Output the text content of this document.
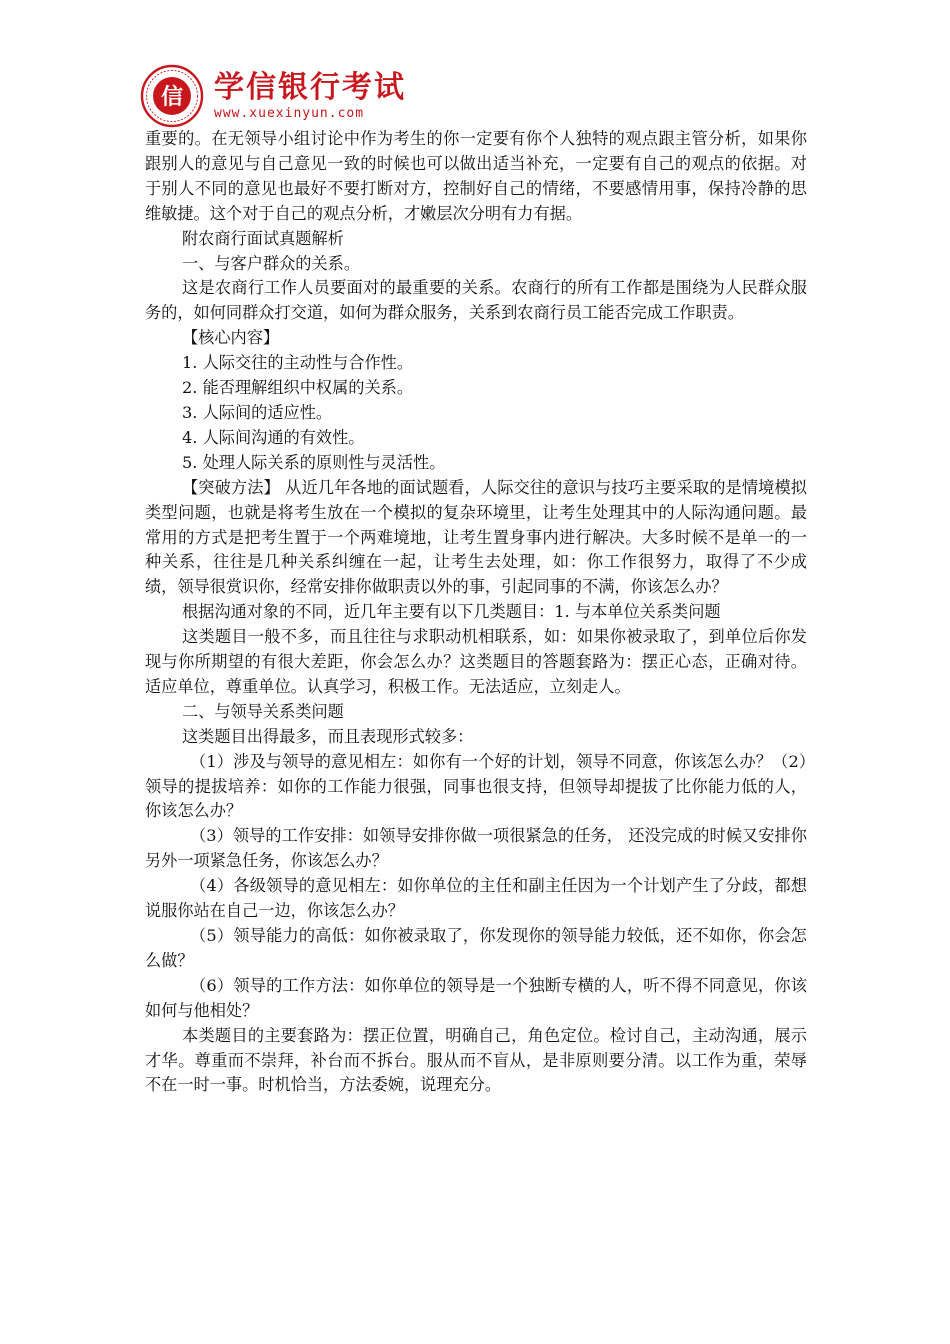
信 学信银行考试
www.xuexinyun.com

重要的。在无领导小组讨论中作为考生的你一定要有你个人独特的观点跟主管分析，如果你跟别人的意见与自己意见一致的时候也可以做出适当补充，一定要有自己的观点的依据。对于别人不同的意见也最好不要打断对方，控制好自己的情绪，不要感情用事，保持冷静的思维敏捷。这个对于自己的观点分析，才嫩层次分明有力有据。

附农商行面试真题解析

一、与客户群众的关系。

这是农商行工作人员要面对的最重要的关系。农商行的所有工作都是围绕为人民群众服务的，如何同群众打交道，如何为群众服务，关系到农商行员工能否完成工作职责。

【核心内容】

1. 人际交往的主动性与合作性。

2. 能否理解组织中权属的关系。

3. 人际间的适应性。

4. 人际间沟通的有效性。

5. 处理人际关系的原则性与灵活性。

【突破方法】 从近几年各地的面试题看，人际交往的意识与技巧主要采取的是情境模拟类型问题，也就是将考生放在一个模拟的复杂环境里，让考生处理其中的人际沟通问题。最常用的方式是把考生置于一个两难境地，让考生置身事内进行解决。大多时候不是单一的一种关系，往往是几种关系纠缠在一起，让考生去处理，如：你工作很努力，取得了不少成绩，领导很赏识你，经常安排你做职责以外的事，引起同事的不满，你该怎么办？

根据沟通对象的不同，近几年主要有以下几类题目：1. 与本单位关系类问题

这类题目一般不多，而且往往与求职动机相联系，如：如果你被录取了，到单位后你发现与你所期望的有很大差距，你会怎么办？这类题目的答题套路为：摆正心态，正确对待。适应单位，尊重单位。认真学习，积极工作。无法适应，立刻走人。

二、与领导关系类问题

这类题目出得最多，而且表现形式较多：

（1）涉及与领导的意见相左：如你有一个好的计划，领导不同意，你该怎么办？（2）领导的提拔培养：如你的工作能力很强，同事也很支持，但领导却提拔了比你能力低的人，你该怎么办？

（3）领导的工作安排：如领导安排你做一项很紧急的任务， 还没完成的时候又安排你另外一项紧急任务，你该怎么办？

（4）各级领导的意见相左：如你单位的主任和副主任因为一个计划产生了分歧，都想说服你站在自己一边，你该怎么办？

（5）领导能力的高低：如你被录取了，你发现你的领导能力较低，还不如你，你会怎么做？

（6）领导的工作方法：如你单位的领导是一个独断专横的人，听不得不同意见，你该如何与他相处？

本类题目的主要套路为：摆正位置，明确自己，角色定位。检讨自己，主动沟通，展示才华。尊重而不崇拜，补台而不拆台。服从而不盲从，是非原则要分清。以工作为重，荣辱不在一时一事。时机恰当，方法委婉，说理充分。
